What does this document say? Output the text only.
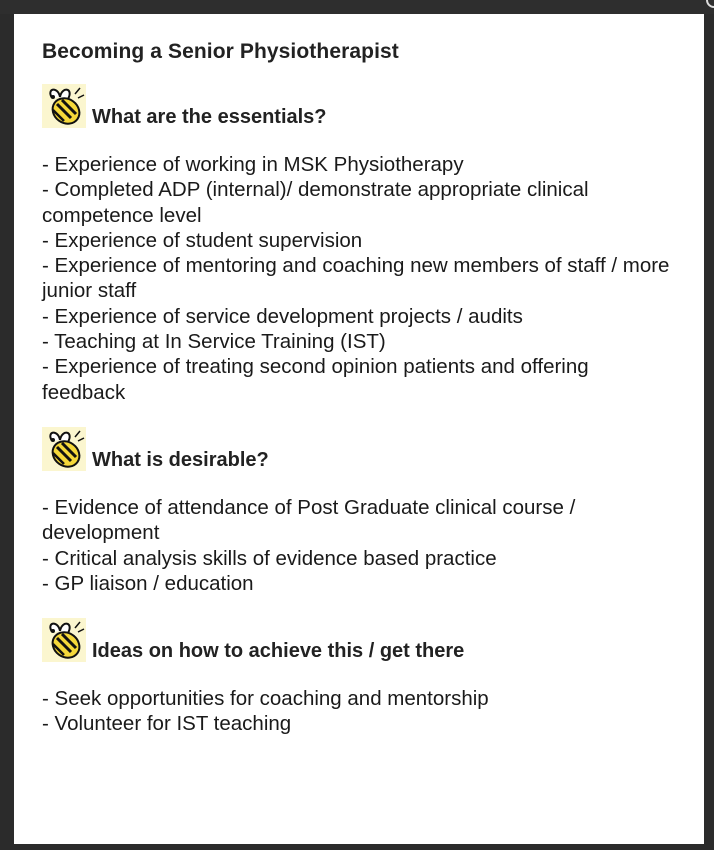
Becoming a Senior Physiotherapist
What are the essentials?
- Experience of working in MSK Physiotherapy
- Completed ADP (internal)/ demonstrate appropriate clinical competence level
- Experience of student supervision
- Experience of mentoring and coaching new members of staff / more junior staff
- Experience of service development projects / audits
- Teaching at In Service Training (IST)
- Experience of treating second opinion patients and offering feedback
What is desirable?
- Evidence of attendance of Post Graduate clinical course / development
- Critical analysis skills of evidence based practice
- GP liaison / education
Ideas on how to achieve this / get there
- Seek opportunities for coaching and mentorship
- Volunteer for IST teaching
